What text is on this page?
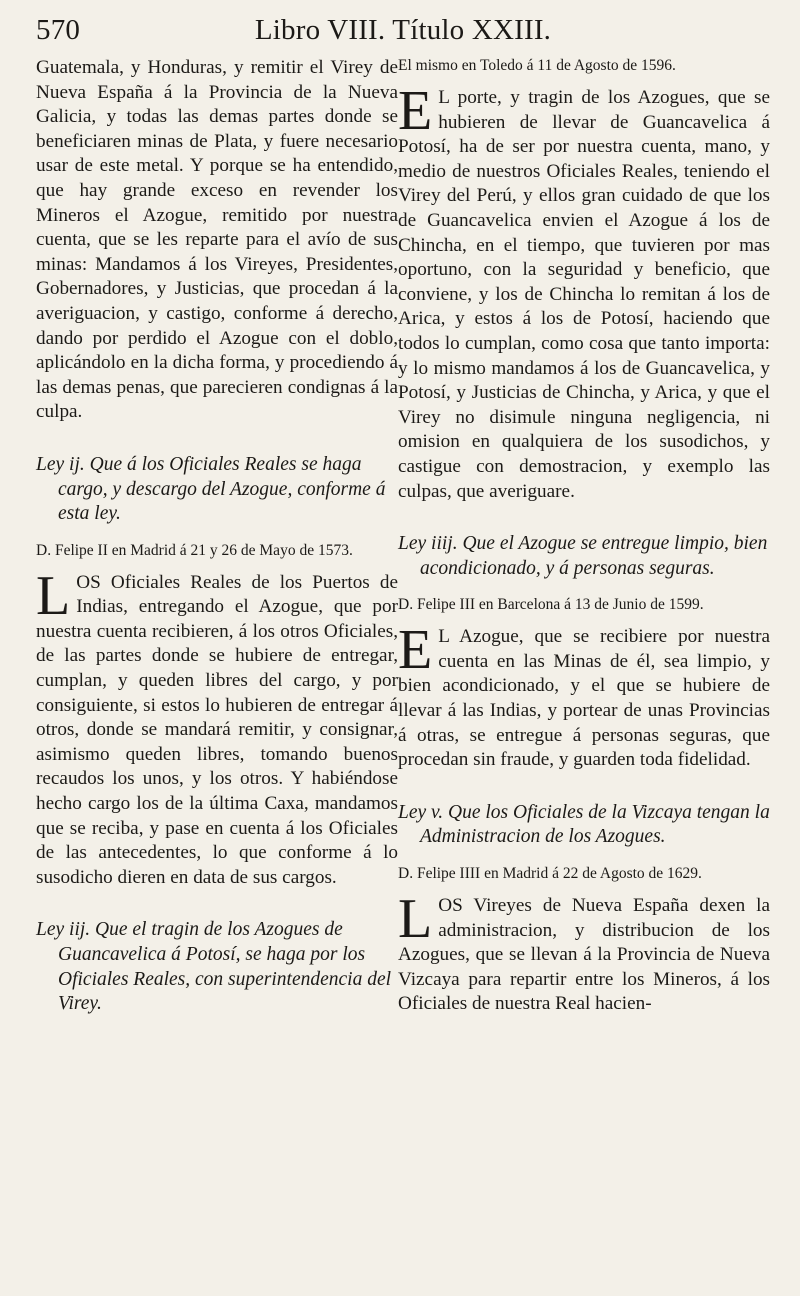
570	Libro VIII. Título XXIII.

Guatemala, y Honduras, y remitir el Virey de Nueva España á la Provincia de la Nueva Galicia, y todas las demas partes donde se beneficiaren minas de Plata, y fuere necesario usar de este metal. Y porque se ha entendido, que hay grande exceso en revender los Mineros el Azogue, remitido por nuestra cuenta, que se les reparte para el avío de sus minas: Mandamos á los Vireyes, Presidentes, Gobernadores, y Justicias, que procedan á la averiguacion, y castigo, conforme á derecho, dando por perdido el Azogue con el doblo, aplicándolo en la dicha forma, y procediendo á las demas penas, que parecieren condignas á la culpa.

Ley ij. Que á los Oficiales Reales se haga cargo, y descargo del Azogue, conforme á esta ley.

D. Felipe II en Madrid á 21 y 26 de Mayo de 1573.

LOS Oficiales Reales de los Puertos de Indias, entregando el Azogue, que por nuestra cuenta recibieren, á los otros Oficiales, de las partes donde se hubiere de entregar, cumplan, y queden libres del cargo, y por consiguiente, si estos lo hubieren de entregar á otros, donde se mandará remitir, y consignar, asimismo queden libres, tomando buenos recaudos los unos, y los otros. Y habiéndose hecho cargo los de la última Caxa, mandamos que se reciba, y pase en cuenta á los Oficiales de las antecedentes, lo que conforme á lo susodicho dieren en data de sus cargos.

Ley iij. Que el tragin de los Azogues de Guancavelica á Potosí, se haga por los Oficiales Reales, con superintendencia del Virey.

El mismo en Toledo á 11 de Agosto de 1596.

E L porte, y tragin de los Azogues, que se hubieren de llevar de Guancavelica á Potosí, ha de ser por nuestra cuenta, mano, y medio de nuestros Oficiales Reales, teniendo el Virey del Perú, y ellos gran cuidado de que los de Guancavelica envien el Azogue á los de Chincha, en el tiempo, que tuvieren por mas oportuno, con la seguridad y beneficio, que conviene, y los de Chincha lo remitan á los de Arica, y estos á los de Potosí, haciendo que todos lo cumplan, como cosa que tanto importa: y lo mismo mandamos á los de Guancavelica, y Potosí, y Justicias de Chincha, y Arica, y que el Virey no disimule ninguna negligencia, ni omision en qualquiera de los susodichos, y castigue con demostracion, y exemplo las culpas, que averiguare.

Ley iiij. Que el Azogue se entregue limpio, bien acondicionado, y á personas seguras.

D. Felipe III en Barcelona á 13 de Junio de 1599.

E L Azogue, que se recibiere por nuestra cuenta en las Minas de él, sea limpio, y bien acondicionado, y el que se hubiere de llevar á las Indias, y portear de unas Provincias á otras, se entregue á personas seguras, que procedan sin fraude, y guarden toda fidelidad.

Ley v. Que los Oficiales de la Vizcaya tengan la Administracion de los Azogues.

D. Felipe IIII en Madrid á 22 de Agosto de 1629.

LOS Vireyes de Nueva España dexen la administracion, y distribucion de los Azogues, que se llevan á la Provincia de Nueva Vizcaya para repartir entre los Mineros, á los Oficiales de nuestra Real hacien-
